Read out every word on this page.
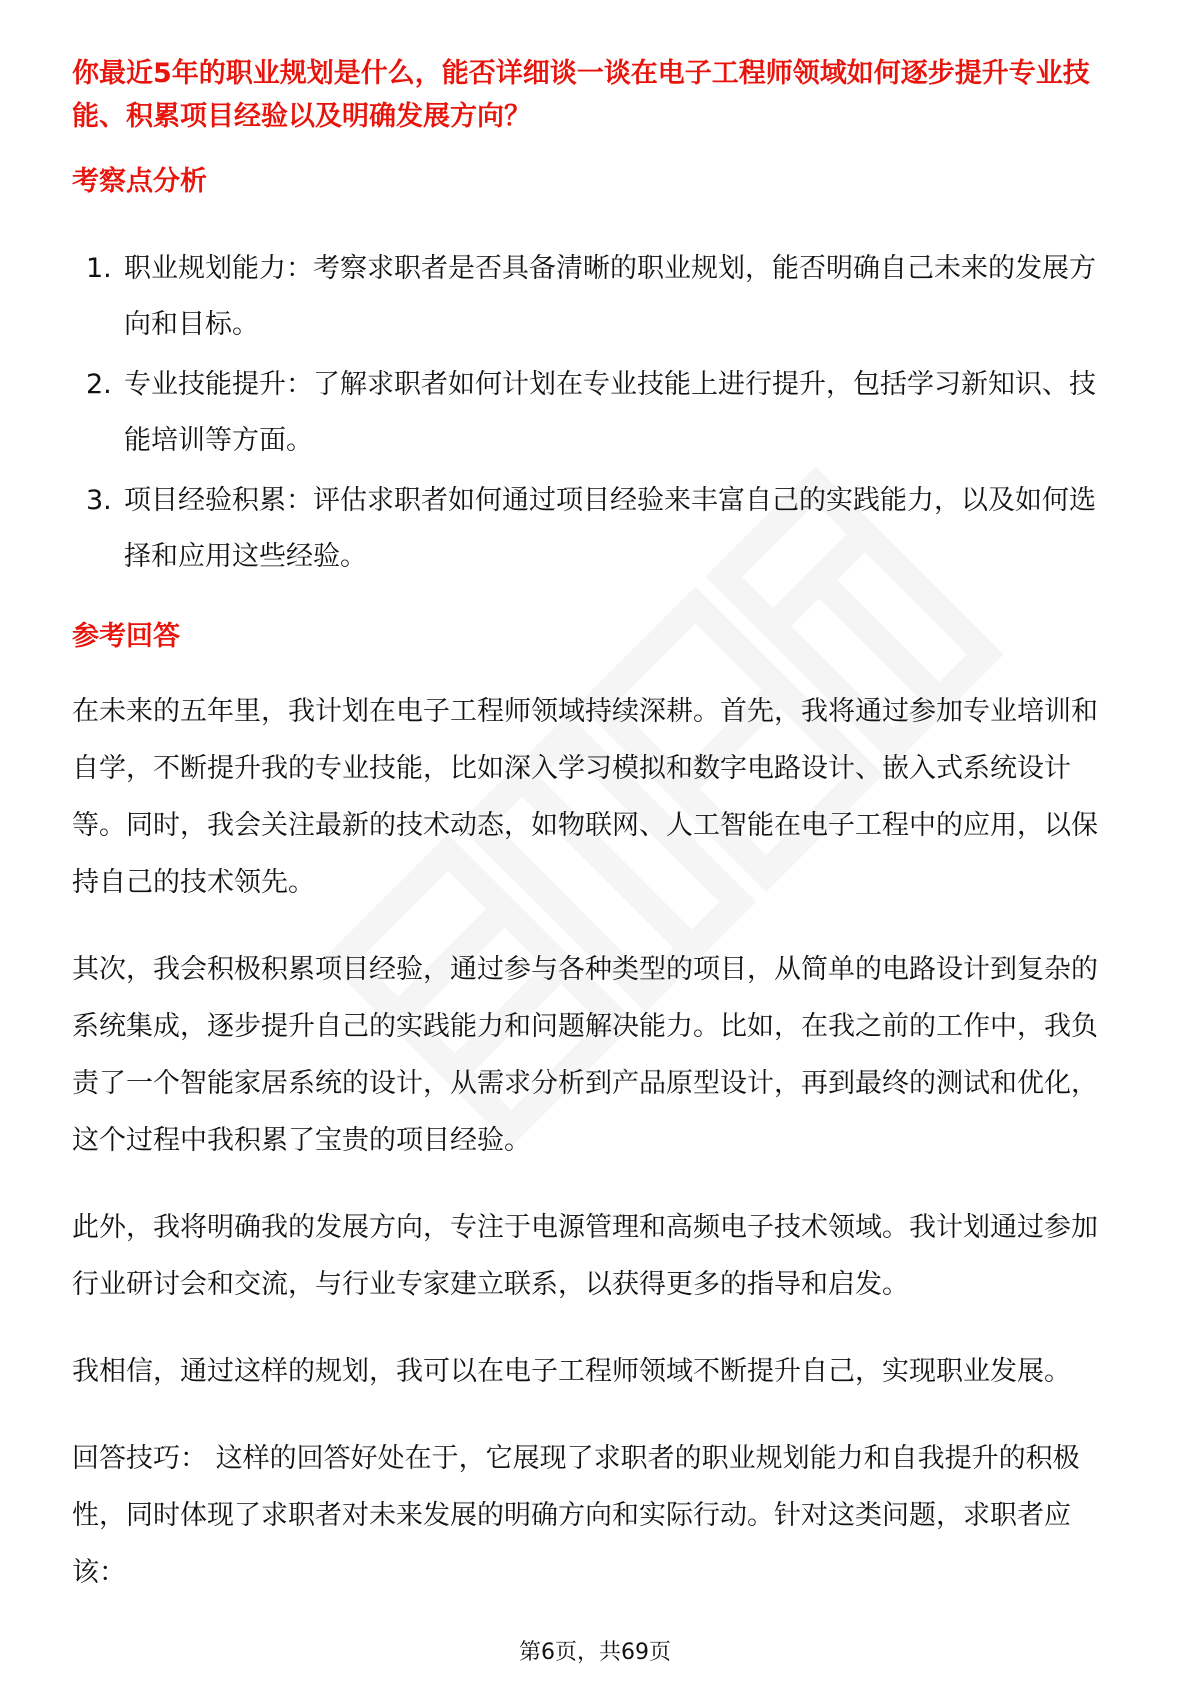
你最近5年的职业规划是什么，能否详细谈一谈在电子工程师领域如何逐步提升专业技能、积累项目经验以及明确发展方向？

考察点分析
1. 职业规划能力：考察求职者是否具备清晰的职业规划，能否明确自己未来的发展方向和目标。
2. 专业技能提升：了解求职者如何计划在专业技能上进行提升，包括学习新知识、技能培训等方面。
3. 项目经验积累：评估求职者如何通过项目经验来丰富自己的实践能力，以及如何选择和应用这些经验。
参考回答

在未来的五年里，我计划在电子工程师领域持续深耕。首先，我将通过参加专业培训和自学，不断提升我的专业技能，比如深入学习模拟和数字电路设计、嵌入式系统设计等。同时，我会关注最新的技术动态，如物联网、人工智能在电子工程中的应用，以保持自己的技术领先。

其次，我会积极积累项目经验，通过参与各种类型的项目，从简单的电路设计到复杂的系统集成，逐步提升自己的实践能力和问题解决能力。比如，在我之前的工作中，我负责了一个智能家居系统的设计，从需求分析到产品原型设计，再到最终的测试和优化，这个过程中我积累了宝贵的项目经验。

此外，我将明确我的发展方向，专注于电源管理和高频电子技术领域。我计划通过参加行业研讨会和交流，与行业专家建立联系，以获得更多的指导和启发。

我相信，通过这样的规划，我可以在电子工程师领域不断提升自己，实现职业发展。

回答技巧： 这样的回答好处在于，它展现了求职者的职业规划能力和自我提升的积极性，同时体现了求职者对未来发展的明确方向和实际行动。针对这类问题，求职者应该：

第6页，共69页
